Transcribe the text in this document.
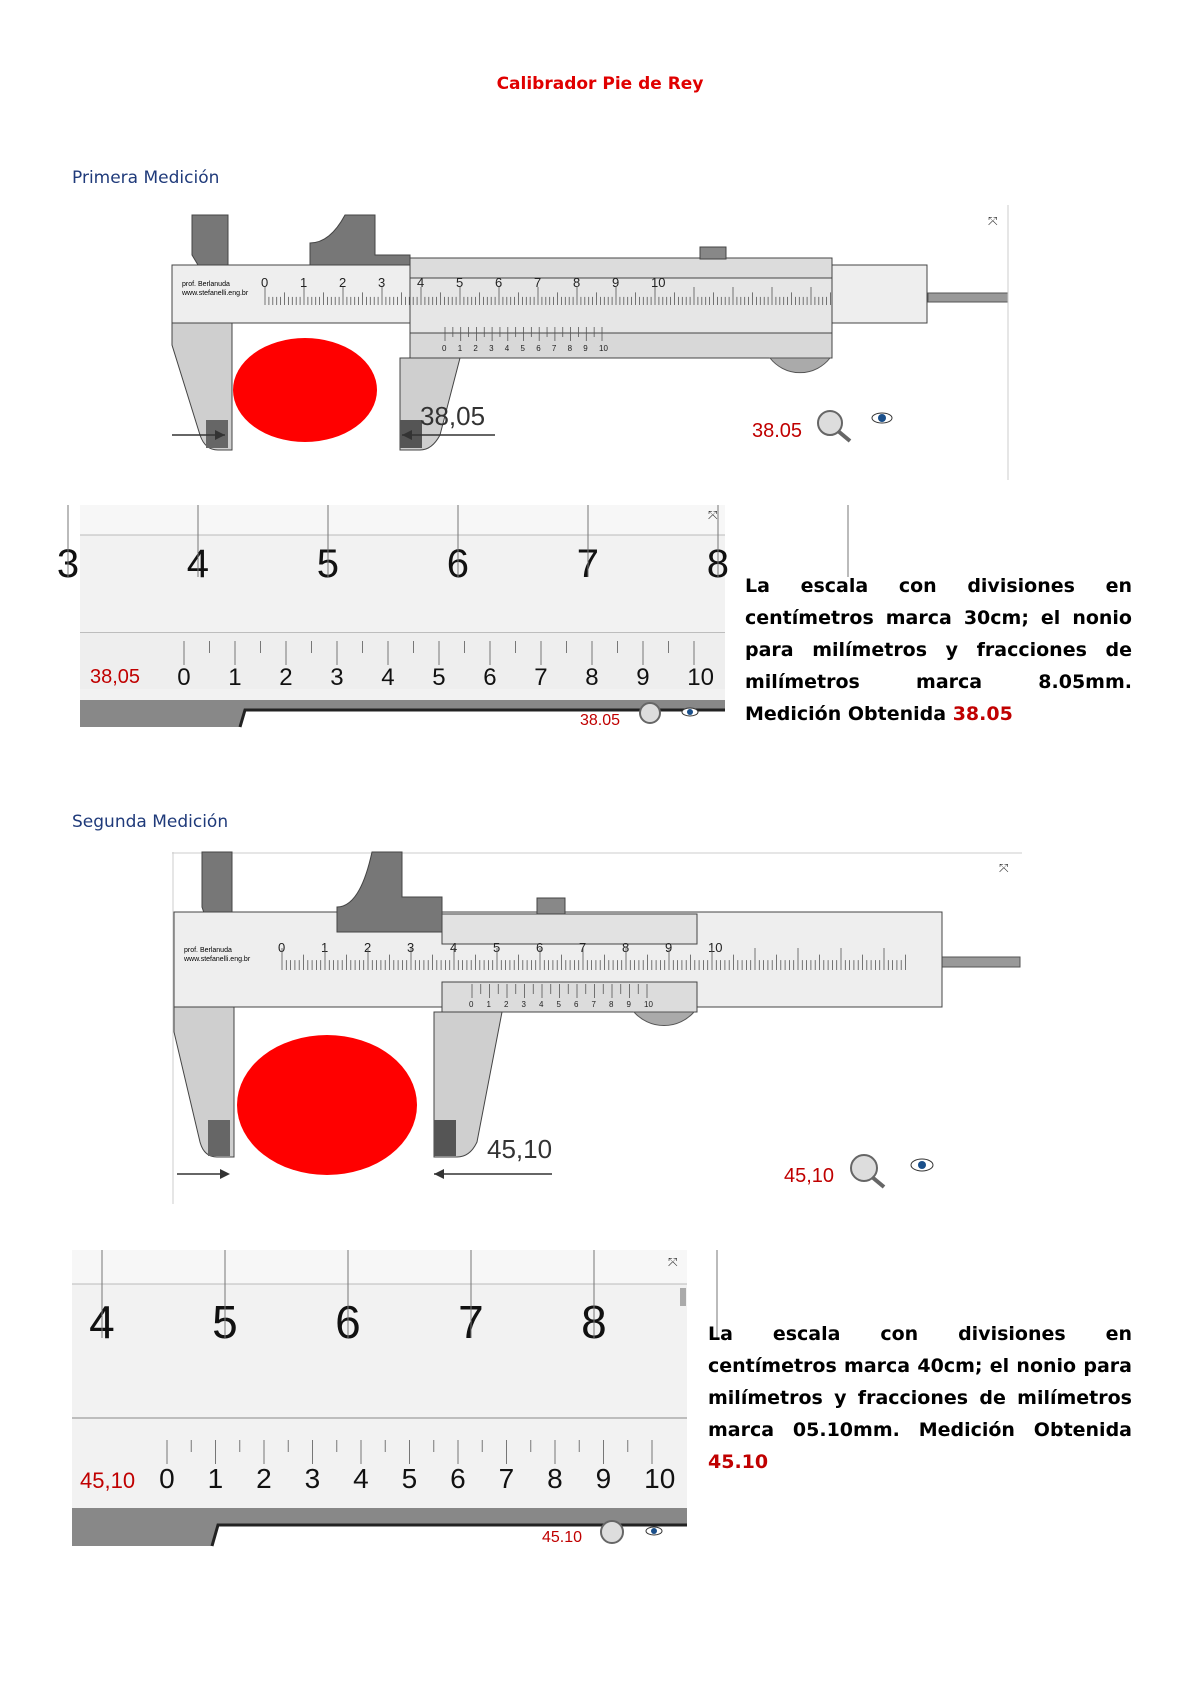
Calibrador Pie de Rey
Primera Medición
prof. Berlanuda
www.stefanelli.eng.br
0 1 2 3 4 5 6 7 8 9 10
0 1 2 3 4 5 6 7 8 9 10
38,05	38.05
⤧
3	4	5	6	7	8
0 1 2 3 4 5 6 7 8 9 10
38,05
38.05
⤧
La escala con divisiones en centímetros marca 30cm; el nonio para milímetros y fracciones de milímetros marca 8.05mm. Medición Obtenida 38.05
Segunda Medición
prof. Berlanuda
www.stefanelli.eng.br
0	1	2	3	4	5	6	7	8	9	10
0 1 2 3 4 5 6 7 8 9 10
45,10
45,10
⤧
4 5 6 7 8
0 1 2 3 4 5 6 7 8 9 10
45,10
45.10
⤧
La escala con divisiones en centímetros marca 40cm; el nonio para milímetros y fracciones de milímetros marca 05.10mm. Medición Obtenida 45.10
